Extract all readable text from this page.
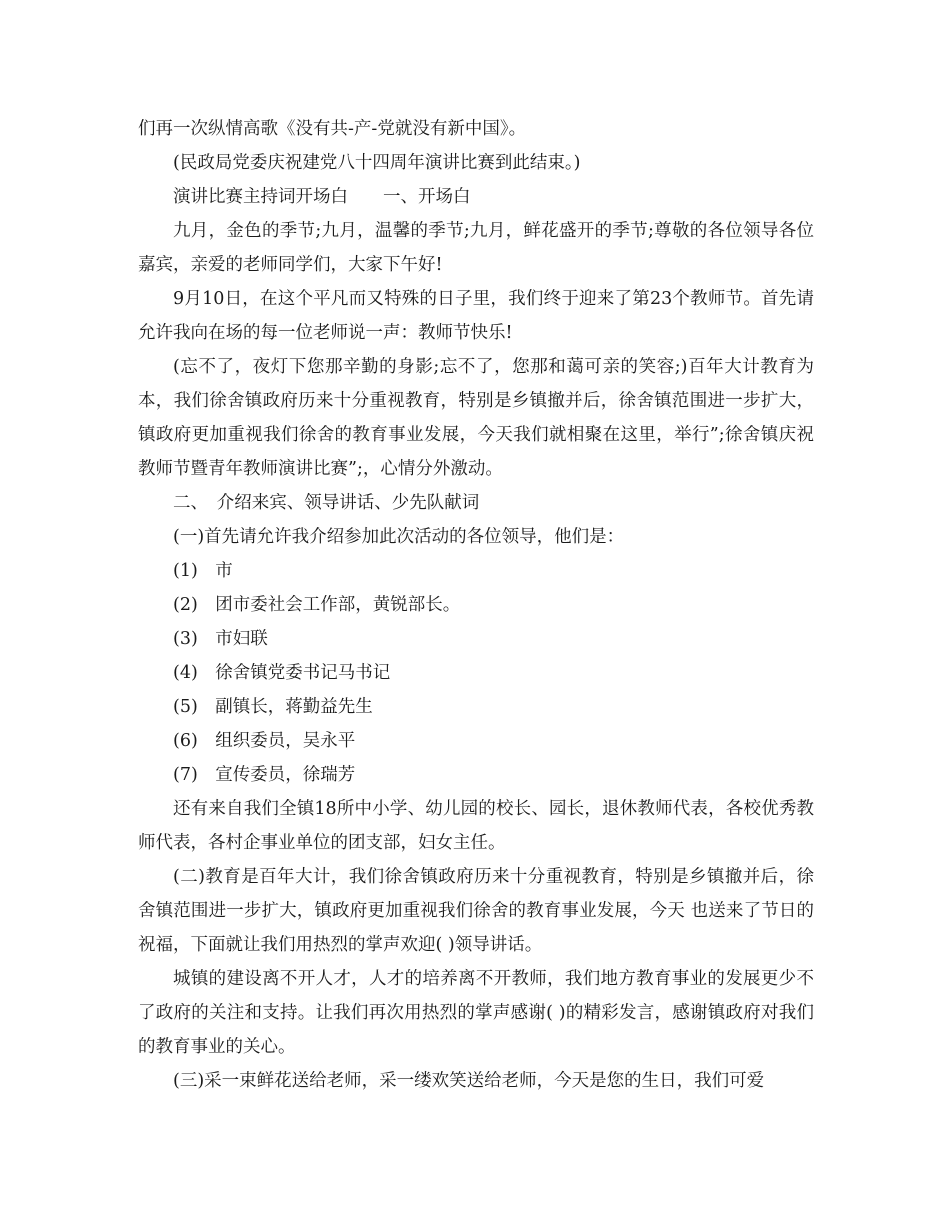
们再一次纵情高歌《没有共-产-党就没有新中国》。

(民政局党委庆祝建党八十四周年演讲比赛到此结束。)

演讲比赛主持词开场白　　一、开场白

九月，金色的季节;九月，温馨的季节;九月，鲜花盛开的季节;尊敬的各位领导各位嘉宾，亲爱的老师同学们，大家下午好!

9月10日，在这个平凡而又特殊的日子里，我们终于迎来了第23个教师节。首先请允许我向在场的每一位老师说一声：教师节快乐!

(忘不了，夜灯下您那辛勤的身影;忘不了，您那和蔼可亲的笑容;)百年大计教育为本，我们徐舍镇政府历来十分重视教育，特别是乡镇撤并后，徐舍镇范围进一步扩大，镇政府更加重视我们徐舍的教育事业发展，今天我们就相聚在这里，举行”;徐舍镇庆祝教师节暨青年教师演讲比赛”;，心情分外激动。

二、　介绍来宾、领导讲话、少先队献词

(一)首先请允许我介绍参加此次活动的各位领导，他们是：

(1)　市

(2)　团市委社会工作部，黄锐部长。

(3)　市妇联

(4)　徐舍镇党委书记马书记

(5)　副镇长，蒋勤益先生

(6)　组织委员，吴永平

(7)　宣传委员，徐瑞芳

还有来自我们全镇18所中小学、幼儿园的校长、园长，退休教师代表，各校优秀教师代表，各村企事业单位的团支部，妇女主任。

(二)教育是百年大计，我们徐舍镇政府历来十分重视教育，特别是乡镇撤并后，徐舍镇范围进一步扩大，镇政府更加重视我们徐舍的教育事业发展，今天 也送来了节日的祝福，下面就让我们用热烈的掌声欢迎( )领导讲话。

城镇的建设离不开人才，人才的培养离不开教师，我们地方教育事业的发展更少不了政府的关注和支持。让我们再次用热烈的掌声感谢( )的精彩发言，感谢镇政府对我们的教育事业的关心。

(三)采一束鲜花送给老师，采一缕欢笑送给老师，今天是您的生日，我们可爱
